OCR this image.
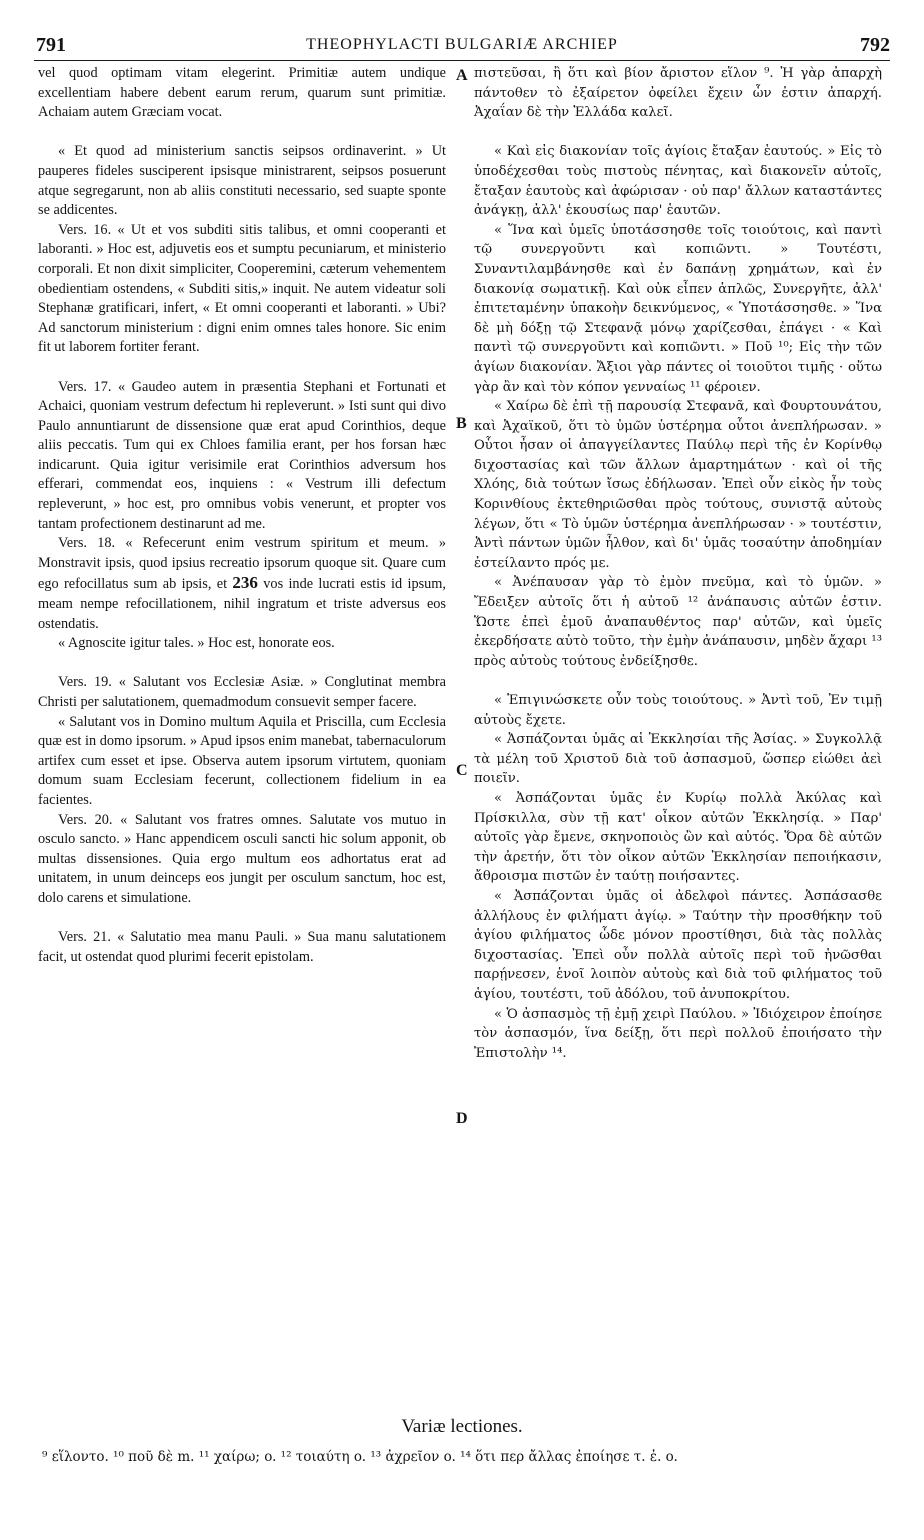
791	THEOPHYLACTI BULGARIÆ ARCHIEP	792
A
B
C
D

vel quod optimam vitam elegerint. Primitiæ autem undique excellentiam habere debent earum rerum, quarum sunt primitiæ. Achaiam autem Græciam vocat.

« Et quod ad ministerium sanctis seipsos ordinaverint. » Ut pauperes fideles susciperent ipsisque ministrarent, seipsos posuerunt atque segregarunt, non ab aliis constituti necessario, sed suapte sponte se addicentes.

Vers. 16. « Ut et vos subditi sitis talibus, et omni cooperanti et laboranti. » Hoc est, adjuvetis eos et sumptu pecuniarum, et ministerio corporali. Et non dixit simpliciter, Cooperemini, cæterum vehementem obedientiam ostendens, « Subditi sitis,» inquit. Ne autem videatur soli Stephanæ gratificari, infert, « Et omni cooperanti et laboranti. » Ubi? Ad sanctorum ministerium : digni enim omnes tales honore. Sic enim fit ut laborem fortiter ferant.

Vers. 17. « Gaudeo autem in præsentia Stephani et Fortunati et Achaici, quoniam vestrum defectum hi repleverunt. » Isti sunt qui divo Paulo annuntiarunt de dissensione quæ erat apud Corinthios, deque aliis peccatis. Tum qui ex Chloes familia erant, per hos forsan hæc indicarunt. Quia igitur verisimile erat Corinthios adversum hos efferari, commendat eos, inquiens : « Vestrum illi defectum repleverunt, » hoc est, pro omnibus vobis venerunt, et propter vos tantam profectionem destinarunt ad me.

Vers. 18. « Refecerunt enim vestrum spiritum et meum. » Monstravit ipsis, quod ipsius recreatio ipsorum quoque sit. Quare cum ego refocillatus sum ab ipsis, et 236 vos inde lucrati estis id ipsum, meam nempe refocillationem, nihil ingratum et triste adversus eos ostendatis.

« Agnoscite igitur tales. » Hoc est, honorate eos.

Vers. 19. « Salutant vos Ecclesiæ Asiæ. » Conglutinat membra Christi per salutationem, quemadmodum consuevit semper facere.

« Salutant vos in Domino multum Aquila et Priscilla, cum Ecclesia quæ est in domo ipsorum. » Apud ipsos enim manebat, tabernaculorum artifex cum esset et ipse. Observa autem ipsorum virtutem, quoniam domum suam Ecclesiam fecerunt, collectionem fidelium in ea facientes.

Vers. 20. « Salutant vos fratres omnes. Salutate vos mutuo in osculo sancto. » Hanc appendicem osculi sancti hic solum apponit, ob multas dissensiones. Quia ergo multum eos adhortatus erat ad unitatem, in unum deinceps eos jungit per osculum sanctum, hoc est, dolo carens et simulatione.

Vers. 21. « Salutatio mea manu Pauli. » Sua manu salutationem facit, ut ostendat quod plurimi fecerit epistolam.

πιστεῦσαι, ἢ ὅτι καὶ βίον ἄριστον εἵλον ⁹. Ἡ γὰρ ἀπαρχὴ πάντοθεν τὸ ἐξαίρετον ὀφείλει ἔχειν ὧν ἐστιν ἀπαρχή. Ἀχαΐαν δὲ τὴν Ἑλλάδα καλεῖ.

« Καὶ εἰς διακονίαν τοῖς ἁγίοις ἔταξαν ἑαυτούς. » Εἰς τὸ ὑποδέχεσθαι τοὺς πιστοὺς πένητας, καὶ διακονεῖν αὐτοῖς, ἔταξαν ἑαυτοὺς καὶ ἀφώρισαν · οὐ παρ' ἄλλων καταστάντες ἀνάγκῃ, ἀλλ' ἑκουσίως παρ' ἑαυτῶν.

« Ἵνα καὶ ὑμεῖς ὑποτάσσησθε τοῖς τοιούτοις, καὶ παντὶ τῷ συνεργοῦντι καὶ κοπιῶντι. » Τουτέστι, Συναντιλαμβάνησθε καὶ ἐν δαπάνῃ χρημάτων, καὶ ἐν διακονίᾳ σωματικῇ. Καὶ οὐκ εἶπεν ἁπλῶς, Συνεργῆτε, ἀλλ' ἐπιτεταμένην ὑπακοὴν δεικνύμενος, « Ὑποτάσσησθε. » Ἵνα δὲ μὴ δόξῃ τῷ Στεφανᾷ μόνῳ χαρίζεσθαι, ἐπάγει · « Καὶ παντὶ τῷ συνεργοῦντι καὶ κοπιῶντι. » Ποῦ ¹⁰; Εἰς τὴν τῶν ἁγίων διακονίαν. Ἄξιοι γὰρ πάντες οἱ τοιοῦτοι τιμῆς · οὕτω γὰρ ἂν καὶ τὸν κόπον γενναίως ¹¹ φέροιεν.

« Χαίρω δὲ ἐπὶ τῇ παρουσίᾳ Στεφανᾶ, καὶ Φουρτουνάτου, καὶ Ἀχαϊκοῦ, ὅτι τὸ ὑμῶν ὑστέρημα οὗτοι ἀνεπλήρωσαν. » Οὗτοι ἦσαν οἱ ἀπαγγείλαντες Παύλῳ περὶ τῆς ἐν Κορίνθῳ διχοστασίας καὶ τῶν ἄλλων ἁμαρτημάτων · καὶ οἱ τῆς Χλόης, διὰ τούτων ἴσως ἐδήλωσαν. Ἐπεὶ οὖν εἰκὸς ἦν τοὺς Κορινθίους ἐκτεθηριῶσθαι πρὸς τούτους, συνιστᾷ αὐτοὺς λέγων, ὅτι « Τὸ ὑμῶν ὑστέρημα ἀνεπλήρωσαν · » τουτέστιν, Ἀντὶ πάντων ὑμῶν ἦλθον, καὶ δι' ὑμᾶς τοσαύτην ἀποδημίαν ἐστείλαντο πρός με.

« Ἀνέπαυσαν γὰρ τὸ ἐμὸν πνεῦμα, καὶ τὸ ὑμῶν. » Ἔδειξεν αὐτοῖς ὅτι ἡ αὐτοῦ ¹² ἀνάπαυσις αὐτῶν ἐστιν. Ὥστε ἐπεὶ ἐμοῦ ἀναπαυθέντος παρ' αὐτῶν, καὶ ὑμεῖς ἐκερδήσατε αὐτὸ τοῦτο, τὴν ἐμὴν ἀνάπαυσιν, μηδὲν ἄχαρι ¹³ πρὸς αὐτοὺς τούτους ἐνδείξησθε.

« Ἐπιγινώσκετε οὖν τοὺς τοιούτους. » Ἀντὶ τοῦ, Ἐν τιμῇ αὐτοὺς ἔχετε.

« Ἀσπάζονται ὑμᾶς αἱ Ἐκκλησίαι τῆς Ἀσίας. » Συγκολλᾷ τὰ μέλη τοῦ Χριστοῦ διὰ τοῦ ἀσπασμοῦ, ὥσπερ εἰώθει ἀεὶ ποιεῖν.

« Ἀσπάζονται ὑμᾶς ἐν Κυρίῳ πολλὰ Ἀκύλας καὶ Πρίσκιλλα, σὺν τῇ κατ' οἶκον αὐτῶν Ἐκκλησίᾳ. » Παρ' αὐτοῖς γὰρ ἔμενε, σκηνοποιὸς ὢν καὶ αὐτός. Ὅρα δὲ αὐτῶν τὴν ἀρετήν, ὅτι τὸν οἶκον αὐτῶν Ἐκκλησίαν πεποιήκασιν, ἄθροισμα πιστῶν ἐν ταύτῃ ποιήσαντες.

« Ἀσπάζονται ὑμᾶς οἱ ἀδελφοὶ πάντες. Ἀσπάσασθε ἀλλήλους ἐν φιλήματι ἁγίῳ. » Ταύτην τὴν προσθήκην τοῦ ἁγίου φιλήματος ὧδε μόνον προστίθησι, διὰ τὰς πολλὰς διχοστασίας. Ἐπεὶ οὖν πολλὰ αὐτοῖς περὶ τοῦ ἡνῶσθαι παρῄνεσεν, ἑνοῖ λοιπὸν αὐτοὺς καὶ διὰ τοῦ φιλήματος τοῦ ἁγίου, τουτέστι, τοῦ ἀδόλου, τοῦ ἀνυποκρίτου.

« Ὁ ἀσπασμὸς τῇ ἐμῇ χειρὶ Παύλου. » Ἰδιόχειρον ἐποίησε τὸν ἀσπασμόν, ἵνα δείξῃ, ὅτι περὶ πολλοῦ ἐποιήσατο τὴν Ἐπιστολὴν ¹⁴.

Variæ lectiones.
⁹ εἵλοντο. ¹⁰ ποῦ δὲ m. ¹¹ χαίρω; o. ¹² τοιαύτη o. ¹³ ἀχρεῖον o. ¹⁴ ὅτι περ ἄλλας ἐποίησε τ. ἐ. o.
